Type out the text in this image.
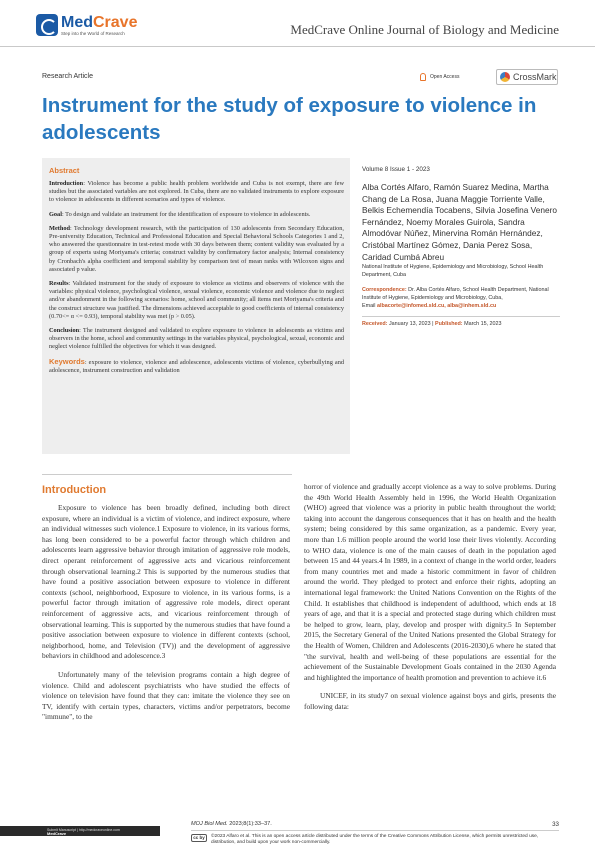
MedCrave
Step into the World of Research	MedCrave Online Journal of Biology and Medicine
Research Article	Open Access	CrossMark
Instrument for the study of exposure to violence in adolescents
Abstract

Introduction: Violence has become a public health problem worldwide and Cuba is not exempt, there are few studies but the associated variables are not explored. In Cuba, there are no validated instruments to explore exposure to violence in adolescents in different scenarios and types of violence.

Goal: To design and validate an instrument for the identification of exposure to violence in adolescents.

Method: Technology development research, with the participation of 130 adolescents from Secondary Education, Pre-university Education, Technical and Professional Education and Special Behavioral Schools Categories 1 and 2, who answered the questionnaire in test-retest mode with 30 days between them; content validity was evaluated by a group of experts using Moriyama's criteria; construct validity by confirmatory factor analysis; Internal consistency by Cronbach's alpha coefficient and temporal stability by comparison test of mean ranks with Wilcoxon signs and associated p value.

Results: Validated instrument for the study of exposure to violence as victims and observers of violence with the variables: physical violence, psychological violence, sexual violence, economic violence and violence due to neglect and/or abandonment in the following scenarios: home, school and community; all items met Moriyama's criteria and the construct structure was justified. The dimensions achieved acceptable to good coefficients of internal consistency (0.70<= α <= 0.93), temporal stability was met (p > 0.05).

Conclusion: The instrument designed and validated to explore exposure to violence in adolescents as victims and observers in the home, school and community settings in the variables physical, psychological, sexual, economic and neglect violence fulfilled the objectives for which it was designed.

Keywords: exposure to violence, violence and adolescence, adolescents victims of violence, cyberbullying and adolescence, instrument construction and validation

Volume 8 Issue 1 - 2023
Alba Cortés Alfaro, Ramón Suarez Medina, Martha Chang de La Rosa, Juana Maggie Torriente Valle, Belkis Echemendía Tocabens, Silvia Josefina Venero Fernández, Noemy Morales Guirola, Sandra Almodóvar Núñez, Minervina Román Hernández, Cristóbal Martínez Gómez, Dania Perez Sosa, Caridad Cumbá Abreu
National Institute of Hygiene, Epidemiology and Microbiology, School Health Department, Cuba
Correspondence: Dr. Alba Cortés Alfaro, School Health Department, National Institute of Hygiene, Epidemiology and Microbiology, Cuba,
Email albacorte@infomed.sld.cu, alba@inhem.sld.cu
Received: January 13, 2023 | Published: March 15, 2023
Introduction

Exposure to violence has been broadly defined, including both direct exposure, where an individual is a victim of violence, and indirect exposure, where an individual witnesses such violence.1 Exposure to violence, in its various forms, has long been considered to be a powerful factor through which children and adolescents learn aggressive behavior through imitation of aggressive role models, direct operant reinforcement of aggressive acts and vicarious reinforcement through observational learning.2 This is supported by the numerous studies that have found a positive association between exposure to violence in different contexts (school, neighborhood, Exposure to violence, in its various forms, is a powerful factor through imitation of aggressive role models, direct operant reinforcement of aggressive acts, and vicarious reinforcement through of observational learning. This is supported by the numerous studies that have found a positive association between exposure to violence in different contexts (school, neighborhood, home, and Television (TV)) and the development of aggressive behaviors in childhood and adolescence.3

Unfortunately many of the television programs contain a high degree of violence. Child and adolescent psychiatrists who have studied the effects of violence on television have found that they can: imitate the violence they see on TV, identify with certain types, characters, victims and/or perpetrators, become "immune", to the

horror of violence and gradually accept violence as a way to solve problems. During the 49th World Health Assembly held in 1996, the World Health Organization (WHO) agreed that violence was a priority in public health throughout the world; taking into account the dangerous consequences that it has on health and the health system; being considered by this same organization, as a pandemic. Every year, more than 1.6 million people around the world lose their lives violently. According to WHO data, violence is one of the main causes of death in the population aged between 15 and 44 years.4 In 1989, in a context of change in the world order, leaders from many countries met and made a historic commitment in favor of children around the world. They pledged to protect and enforce their rights, adopting an international legal framework: the United Nations Convention on the Rights of the Child. It establishes that childhood is independent of adulthood, which ends at 18 years of age, and that it is a special and protected stage during which children must be helped to grow, learn, play, develop and prosper with dignity.5 In September 2015, the Secretary General of the United Nations presented the Global Strategy for the Health of Women, Children and Adolescents (2016-2030),6 where he stated that "the survival, health and well-being of these populations are essential for the achievement of the Sustainable Development Goals contained in the 2030 Agenda and highlighted the importance of health promotion and prevention to achieve it.6

UNICEF, in its study7 on sexual violence against boys and girls, presents the following data:

Submit Manuscript | http://medcraveonline.com
MedCrave
MOJ Biol Med. 2023;8(1):33–37.	33
cc by	©2023 Alfaro et al. This is an open access article distributed under the terms of the Creative Commons Attribution License, which permits unrestricted use, distribution, and build upon your work non-commercially.
